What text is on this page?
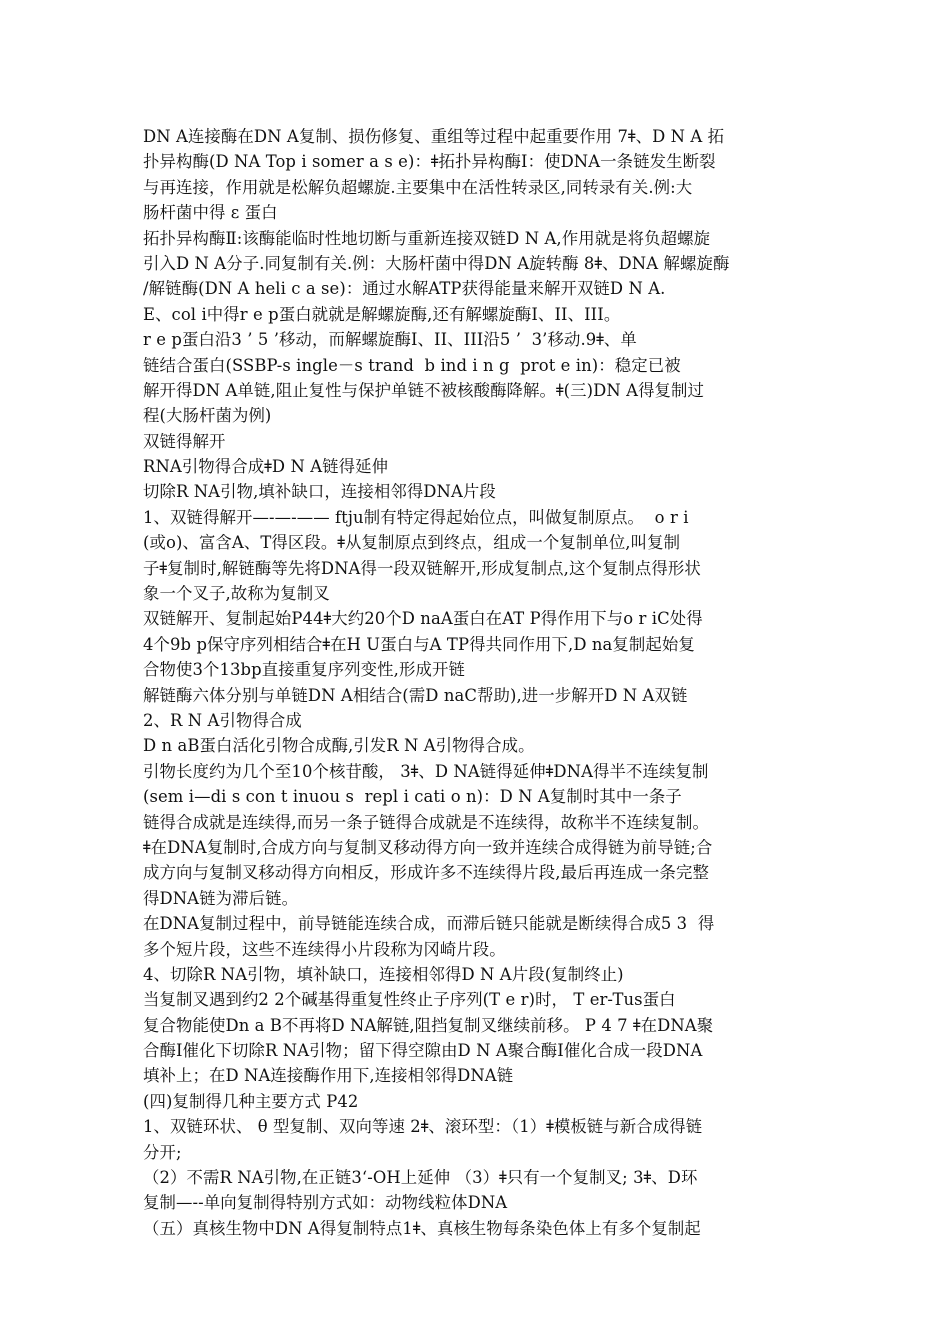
DN A连接酶在DN A复制、损伤修复、重组等过程中起重要作用 7ǂ、D N A 拓
扑异构酶(D NA Top i somer a s e)：ǂ拓扑异构酶I：使DNA一条链发生断裂
与再连接，作用就是松解负超螺旋.主要集中在活性转录区,同转录有关.例:大
肠杆菌中得 ε 蛋白
拓扑异构酶Ⅱ:该酶能临时性地切断与重新连接双链D N A,作用就是将负超螺旋
引入D N A分子.同复制有关.例：大肠杆菌中得DN A旋转酶 8ǂ、DNA 解螺旋酶
/解链酶(DN A heli c a se)：通过水解ATP获得能量来解开双链D N A.
E、col i中得r e p蛋白就就是解螺旋酶,还有解螺旋酶Ⅰ、ⅠⅠ、ⅠⅠⅠ。
r e p蛋白沿3 ’ 5 ’移动，而解螺旋酶I、II、III沿5 ’  3’移动.9ǂ、单
链结合蛋白(SSBP-s ingle－s trand  b ind i n g  prot e in)：稳定已被
解开得DN A单链,阻止复性与保护单链不被核酸酶降解。ǂ(三)DN A得复制过
程(大肠杆菌为例)
双链得解开
RNA引物得合成ǂD N A链得延伸
切除R NA引物,填补缺口，连接相邻得DNA片段
1、双链得解开—-—-—— ftju制有特定得起始位点，叫做复制原点。  o r i
(或o)、富含A、T得区段。ǂ从复制原点到终点，组成一个复制单位,叫复制
子ǂ复制时,解链酶等先将DNA得一段双链解开,形成复制点,这个复制点得形状
象一个叉子,故称为复制叉
双链解开、复制起始P44ǂ大约20个D naA蛋白在AT P得作用下与o r iC处得
4个9b p保守序列相结合ǂ在H U蛋白与A TP得共同作用下,D na复制起始复
合物使3个13bp直接重复序列变性,形成开链
解链酶六体分别与单链DN A相结合(需D naC帮助),进一步解开D N A双链
2、R N A引物得合成
D n aB蛋白活化引物合成酶,引发R N A引物得合成。
引物长度约为几个至10个核苷酸， 3ǂ、D NA链得延伸ǂDNA得半不连续复制
(sem i—di s con t inuou s  repl i cati o n)：D N A复制时其中一条子
链得合成就是连续得,而另一条子链得合成就是不连续得，故称半不连续复制。
ǂ在DNA复制时,合成方向与复制叉移动得方向一致并连续合成得链为前导链;合
成方向与复制叉移动得方向相反，形成许多不连续得片段,最后再连成一条完整
得DNA链为滞后链。
在DNA复制过程中，前导链能连续合成，而滞后链只能就是断续得合成5 3  得
多个短片段，这些不连续得小片段称为冈崎片段。
4、切除R NA引物，填补缺口，连接相邻得D N A片段(复制终止)
当复制叉遇到约2 2个碱基得重复性终止子序列(T e r)时， T er-Tus蛋白
复合物能使Dn a B不再将D NA解链,阻挡复制叉继续前移。 P 4 7 ǂ在DNA聚
合酶Ⅰ催化下切除R NA引物；留下得空隙由D N A聚合酶Ⅰ催化合成一段DNA
填补上；在D NA连接酶作用下,连接相邻得DNA链
(四)复制得几种主要方式 P42
1、双链环状、 θ 型复制、双向等速 2ǂ、滚环型：（1）ǂ模板链与新合成得链
分开;
（2）不需R NA引物,在正链3‘-OH上延伸 （3）ǂ只有一个复制叉; 3ǂ、D环
复制—--单向复制得特别方式如：动物线粒体DNA
（五）真核生物中DN A得复制特点1ǂ、真核生物每条染色体上有多个复制起
